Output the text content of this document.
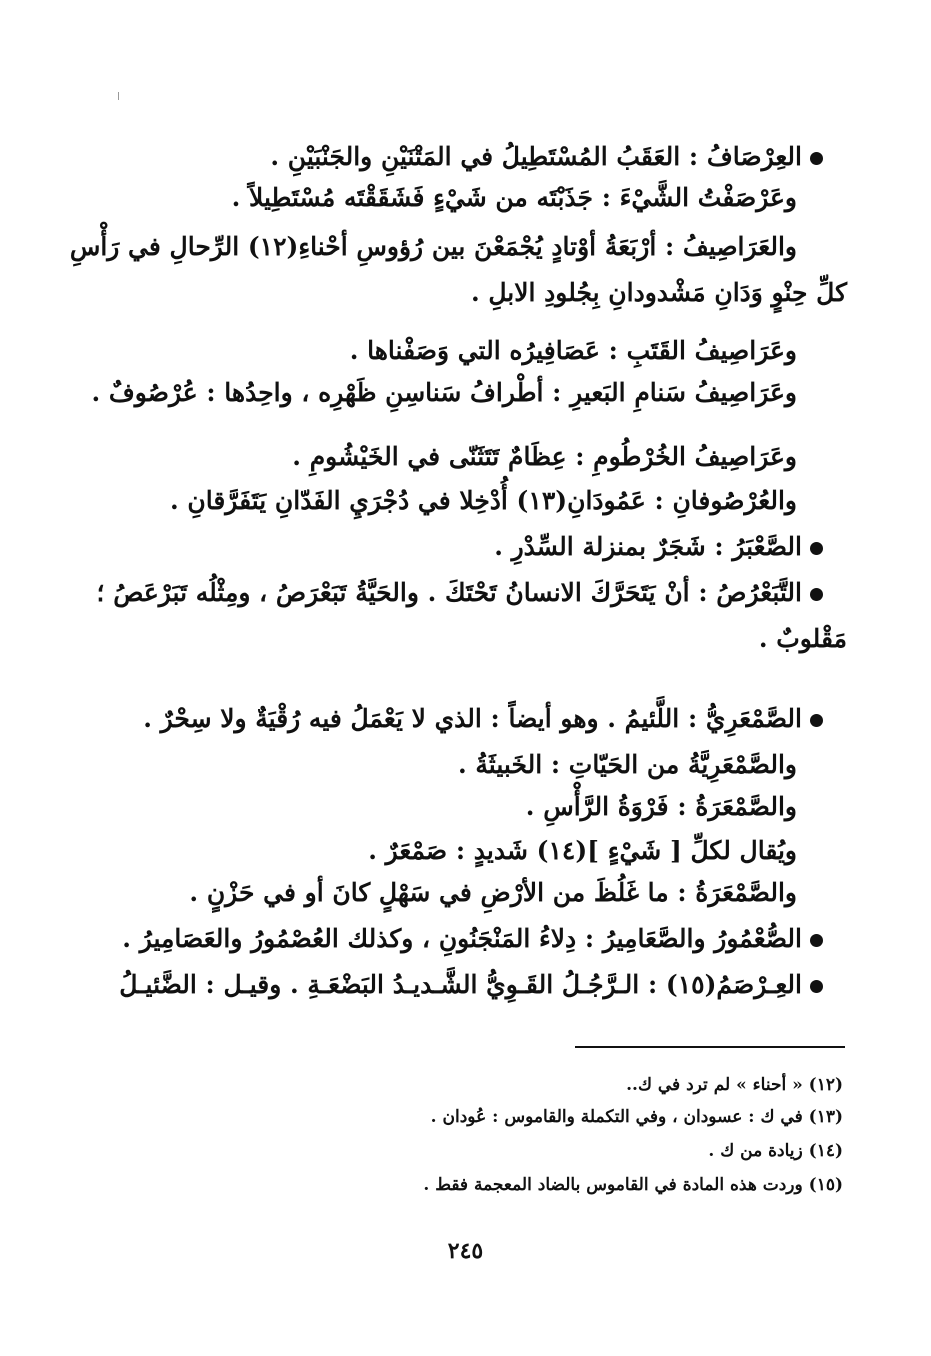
العِرْصَافُ : العَقَبُ المُسْتَطِيلُ في المَتْنَيْنِ والجَنْبَيْنِ .
وعَرْصَفْتُ الشَّيْءَ : جَذَبْتَه من شَيْءٍ فَشَقَقْتَه مُسْتَطِيلاً .
والعَرَاصِيفُ : أرْبَعَةُ أوْتادٍ يُجْمَعْنَ بين رُؤوسِ أحْناءِ(١٢) الرِّحالِ في رَأْسِ
كلِّ حِنْوٍ وَدَانِ مَشْدودانِ بِجُلودِ الابلِ .
وعَرَاصِيفُ القَتَبِ : عَصَافِيرُه التي وَصَفْناها .
وعَرَاصِيفُ سَنامِ البَعيرِ : أطْرافُ سَناسِنِ ظَهْرِه ، واحِدُها : عُرْصُوفٌ .
وعَرَاصِيفُ الخُرْطُومِ : عِظَامٌ تَتَثَنّى في الخَيْشُومِ .
والعُرْصُوفانِ : عَمُودَانِ(١٣) أُدْخِلا في دُجْرَيِ الفَدّانِ يَتَفَرَّقانِ .
الصَّعْبَرُ : شَجَرٌ بمنزلة السِّدْرِ .
التَّبَعْرُصُ : أنْ يَتَحَرَّكَ الانسانُ تَحْتَكَ . والحَيَّةُ تَبَعْرَصُ ، ومِثْلُه تَبَرْعَصُ ؛
مَقْلوبٌ .
الصَّمْعَرِيُّ : اللَّئيمُ . وهو أيضاً : الذي لا يَعْمَلُ فيه رُقْيَةٌ ولا سِحْرٌ .
والصَّمْعَرِيَّةُ من الحَيّاتِ : الخَبيثَةُ .
والصَّمْعَرَةُ : فَرْوَةُ الرَّأْسِ .
ويُقال لكلِّ [ شَيْءٍ ](١٤) شَديدٍ : صَمْعَرٌ .
والصَّمْعَرَةُ : ما غَلُظَ من الأرْضِ في سَهْلٍ كانَ أو في حَزْنٍ .
الصُّعْمُورُ والصَّعَامِيرُ : دِلاءُ المَنْجَنُونِ ، وكذلك العُصْمُورُ والعَصَامِيرُ .
العِـرْصَمُ(١٥) : الـرَّجُـلُ القَـوِيُّ الشَّـديـدُ البَضْعَـةِ . وقيـل : الضَّئيـلُ
(١٢) « أحناء » لم ترد في ك..
(١٣) في ك : عسودان ، وفي التكملة والقاموس : عُودان .
(١٤) زيادة من ك .
(١٥) وردت هذه المادة في القاموس بالضاد المعجمة فقط .
٢٤٥
